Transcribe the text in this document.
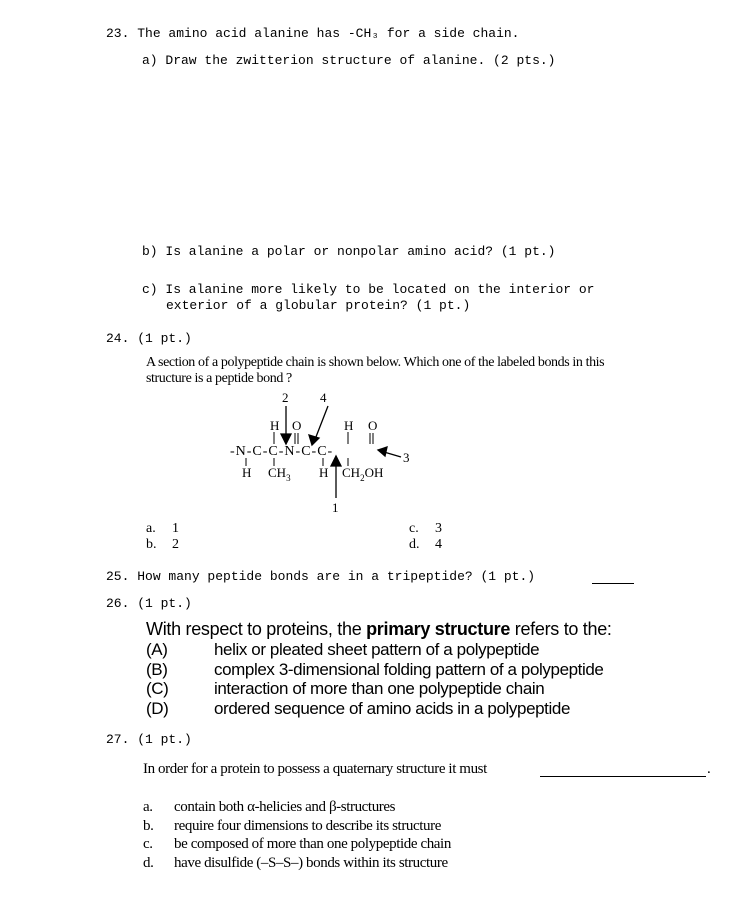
23. The amino acid alanine has -CH₃ for a side chain.
a) Draw the zwitterion structure of alanine. (2 pts.)
b) Is alanine a polar or nonpolar amino acid? (1 pt.)
c) Is alanine more likely to be located on the interior or
exterior of a globular protein? (1 pt.)
24. (1 pt.)
A section of a polypeptide chain is shown below. Which one of the labeled bonds in this
structure is a peptide bond ?
2 4
3
1
H O	H O
-N-C-C-N-C-C-
H $CH_3$ H $CH_2OH$
a. 1
b. 2
c. 3
d. 4
25. How many peptide bonds are in a tripeptide? (1 pt.)
26. (1 pt.)
With respect to proteins, the primary structure refers to the:
(A)	helix or pleated sheet pattern of a polypeptide
(B)	complex 3-dimensional folding pattern of a polypeptide
(C)	interaction of more than one polypeptide chain
(D)	ordered sequence of amino acids in a polypeptide
27. (1 pt.)
In order for a protein to possess a quaternary structure it must	.
a. contain both α-helicies and β-structures
b. require four dimensions to describe its structure
c. be composed of more than one polypeptide chain
d. have disulfide (–S–S–) bonds within its structure
